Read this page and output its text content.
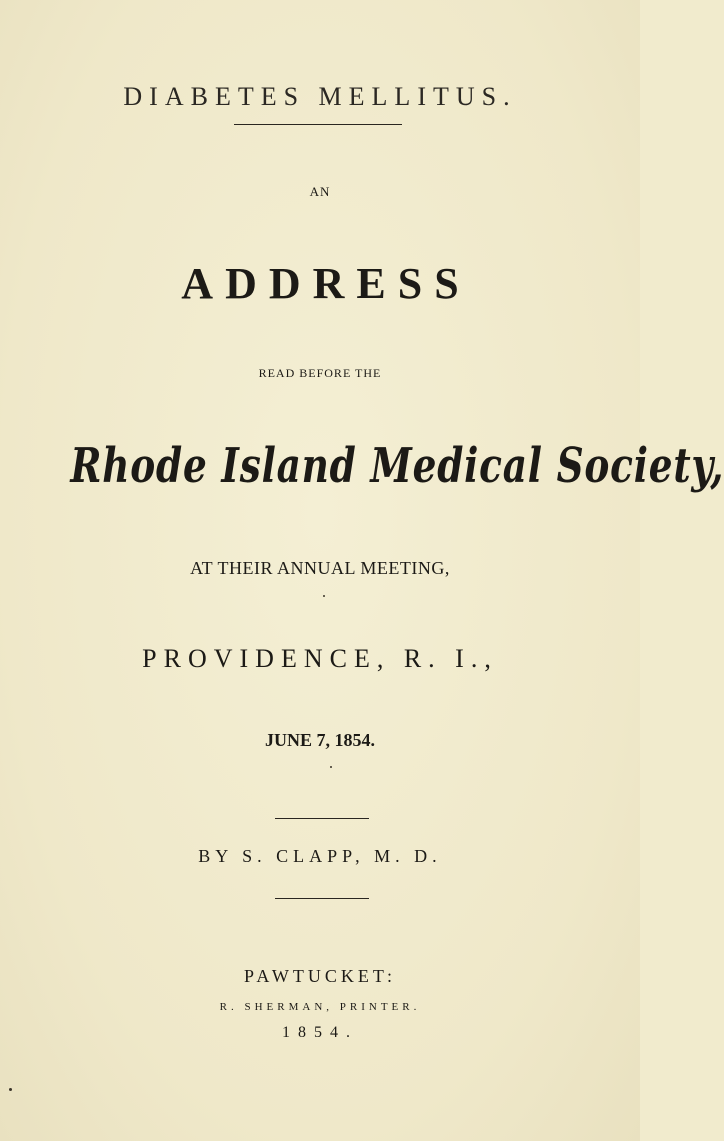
DIABETES MELLITUS.
AN
ADDRESS
READ BEFORE THE
Rhode Island Medical Society,
AT THEIR ANNUAL MEETING,
PROVIDENCE, R. I.,
JUNE 7, 1854.
BY S. CLAPP, M. D.
PAWTUCKET:
R. SHERMAN, PRINTER.
1854.
